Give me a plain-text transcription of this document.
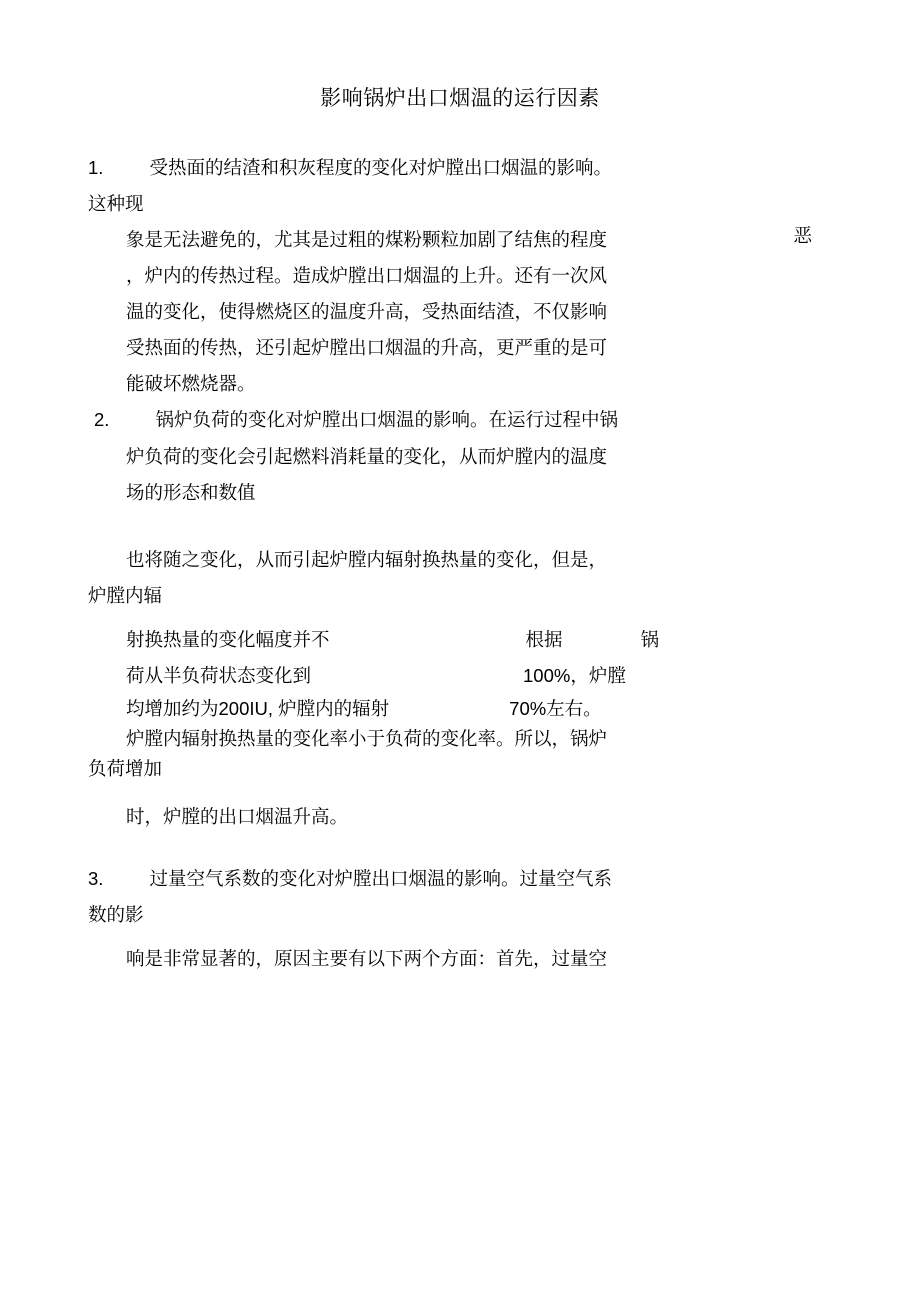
影响锅炉出口烟温的运行因素

1. 受热面的结渣和积灰程度的变化对炉膛出口烟温的影响。

这种现

象是无法避免的，尤其是过粗的煤粉颗粒加剧了结焦的程度	恶

，炉内的传热过程。造成炉膛出口烟温的上升。还有一次风

温的变化，使得燃烧区的温度升高，受热面结渣，不仅影响

受热面的传热，还引起炉膛出口烟温的升高，更严重的是可

能破坏燃烧器。

2. 锅炉负荷的变化对炉膛出口烟温的影响。在运行过程中锅

炉负荷的变化会引起燃料消耗量的变化，从而炉膛内的温度

场的形态和数值

也将随之变化，从而引起炉膛内辐射换热量的变化，但是，

炉膛内辐

射换热量的变化幅度并不	根据	锅
荷从半负荷状态变化到	100%，炉膛
均增加约为200IU, 炉膛内的辐射	70%左右。

炉膛内辐射换热量的变化率小于负荷的变化率。所以，锅炉

负荷增加

时，炉膛的出口烟温升高。

3. 过量空气系数的变化对炉膛出口烟温的影响。过量空气系

数的影

响是非常显著的，原因主要有以下两个方面：首先，过量空
